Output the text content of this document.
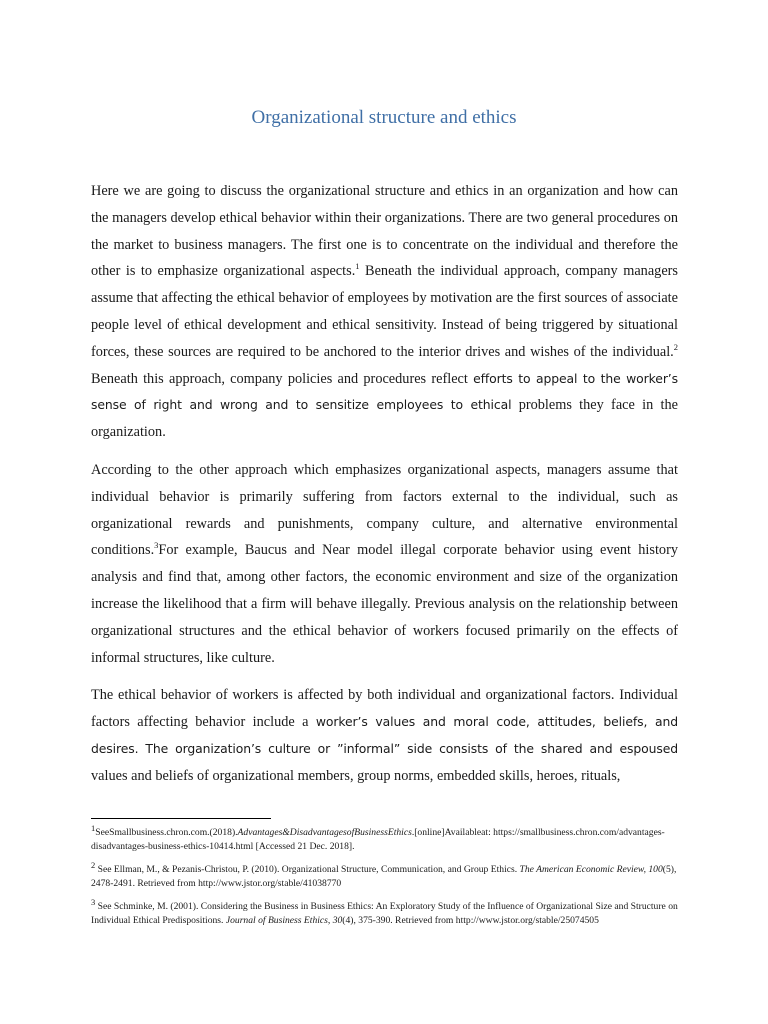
Organizational structure and ethics

Here we are going to discuss the organizational structure and ethics in an organization and how can the managers develop ethical behavior within their organizations. There are two general procedures on the market to business managers. The first one is to concentrate on the individual and therefore the other is to emphasize organizational aspects.$^1$ Beneath the individual approach, company managers assume that affecting the ethical behavior of employees by motivation are the first sources of associate people level of ethical development and ethical sensitivity. Instead of being triggered by situational forces, these sources are required to be anchored to the interior drives and wishes of the individual.$^2$ Beneath this approach, company policies and procedures reflect efforts to appeal to the worker’s sense of right and wrong and to sensitize employees to ethical problems they face in the organization.

According to the other approach which emphasizes organizational aspects, managers assume that individual behavior is primarily suffering from factors external to the individual, such as organizational rewards and punishments, company culture, and alternative environmental conditions.$^3$For example, Baucus and Near model illegal corporate behavior using event history analysis and find that, among other factors, the economic environment and size of the organization increase the likelihood that a firm will behave illegally. Previous analysis on the relationship between organizational structures and the ethical behavior of workers focused primarily on the effects of informal structures, like culture.

The ethical behavior of workers is affected by both individual and organizational factors. Individual factors affecting behavior include a worker’s values and moral code, attitudes, beliefs, and desires. The organization’s culture or ”informal” side consists of the shared and espoused values and beliefs of organizational members, group norms, embedded skills, heroes, rituals,

$^1$SeeSmallbusiness.chron.com.(2018).Advantages&DisadvantagesofBusinessEthics.[online]Availableat: https://smallbusiness.chron.com/advantages-disadvantages-business-ethics-10414.html [Accessed 21 Dec. 2018].
$^2$ See Ellman, M., & Pezanis-Christou, P. (2010). Organizational Structure, Communication, and Group Ethics. The American Economic Review, 100(5), 2478-2491. Retrieved from http://www.jstor.org/stable/41038770
$^3$ See Schminke, M. (2001). Considering the Business in Business Ethics: An Exploratory Study of the Influence of Organizational Size and Structure on Individual Ethical Predispositions. Journal of Business Ethics, 30(4), 375-390. Retrieved from http://www.jstor.org/stable/25074505
